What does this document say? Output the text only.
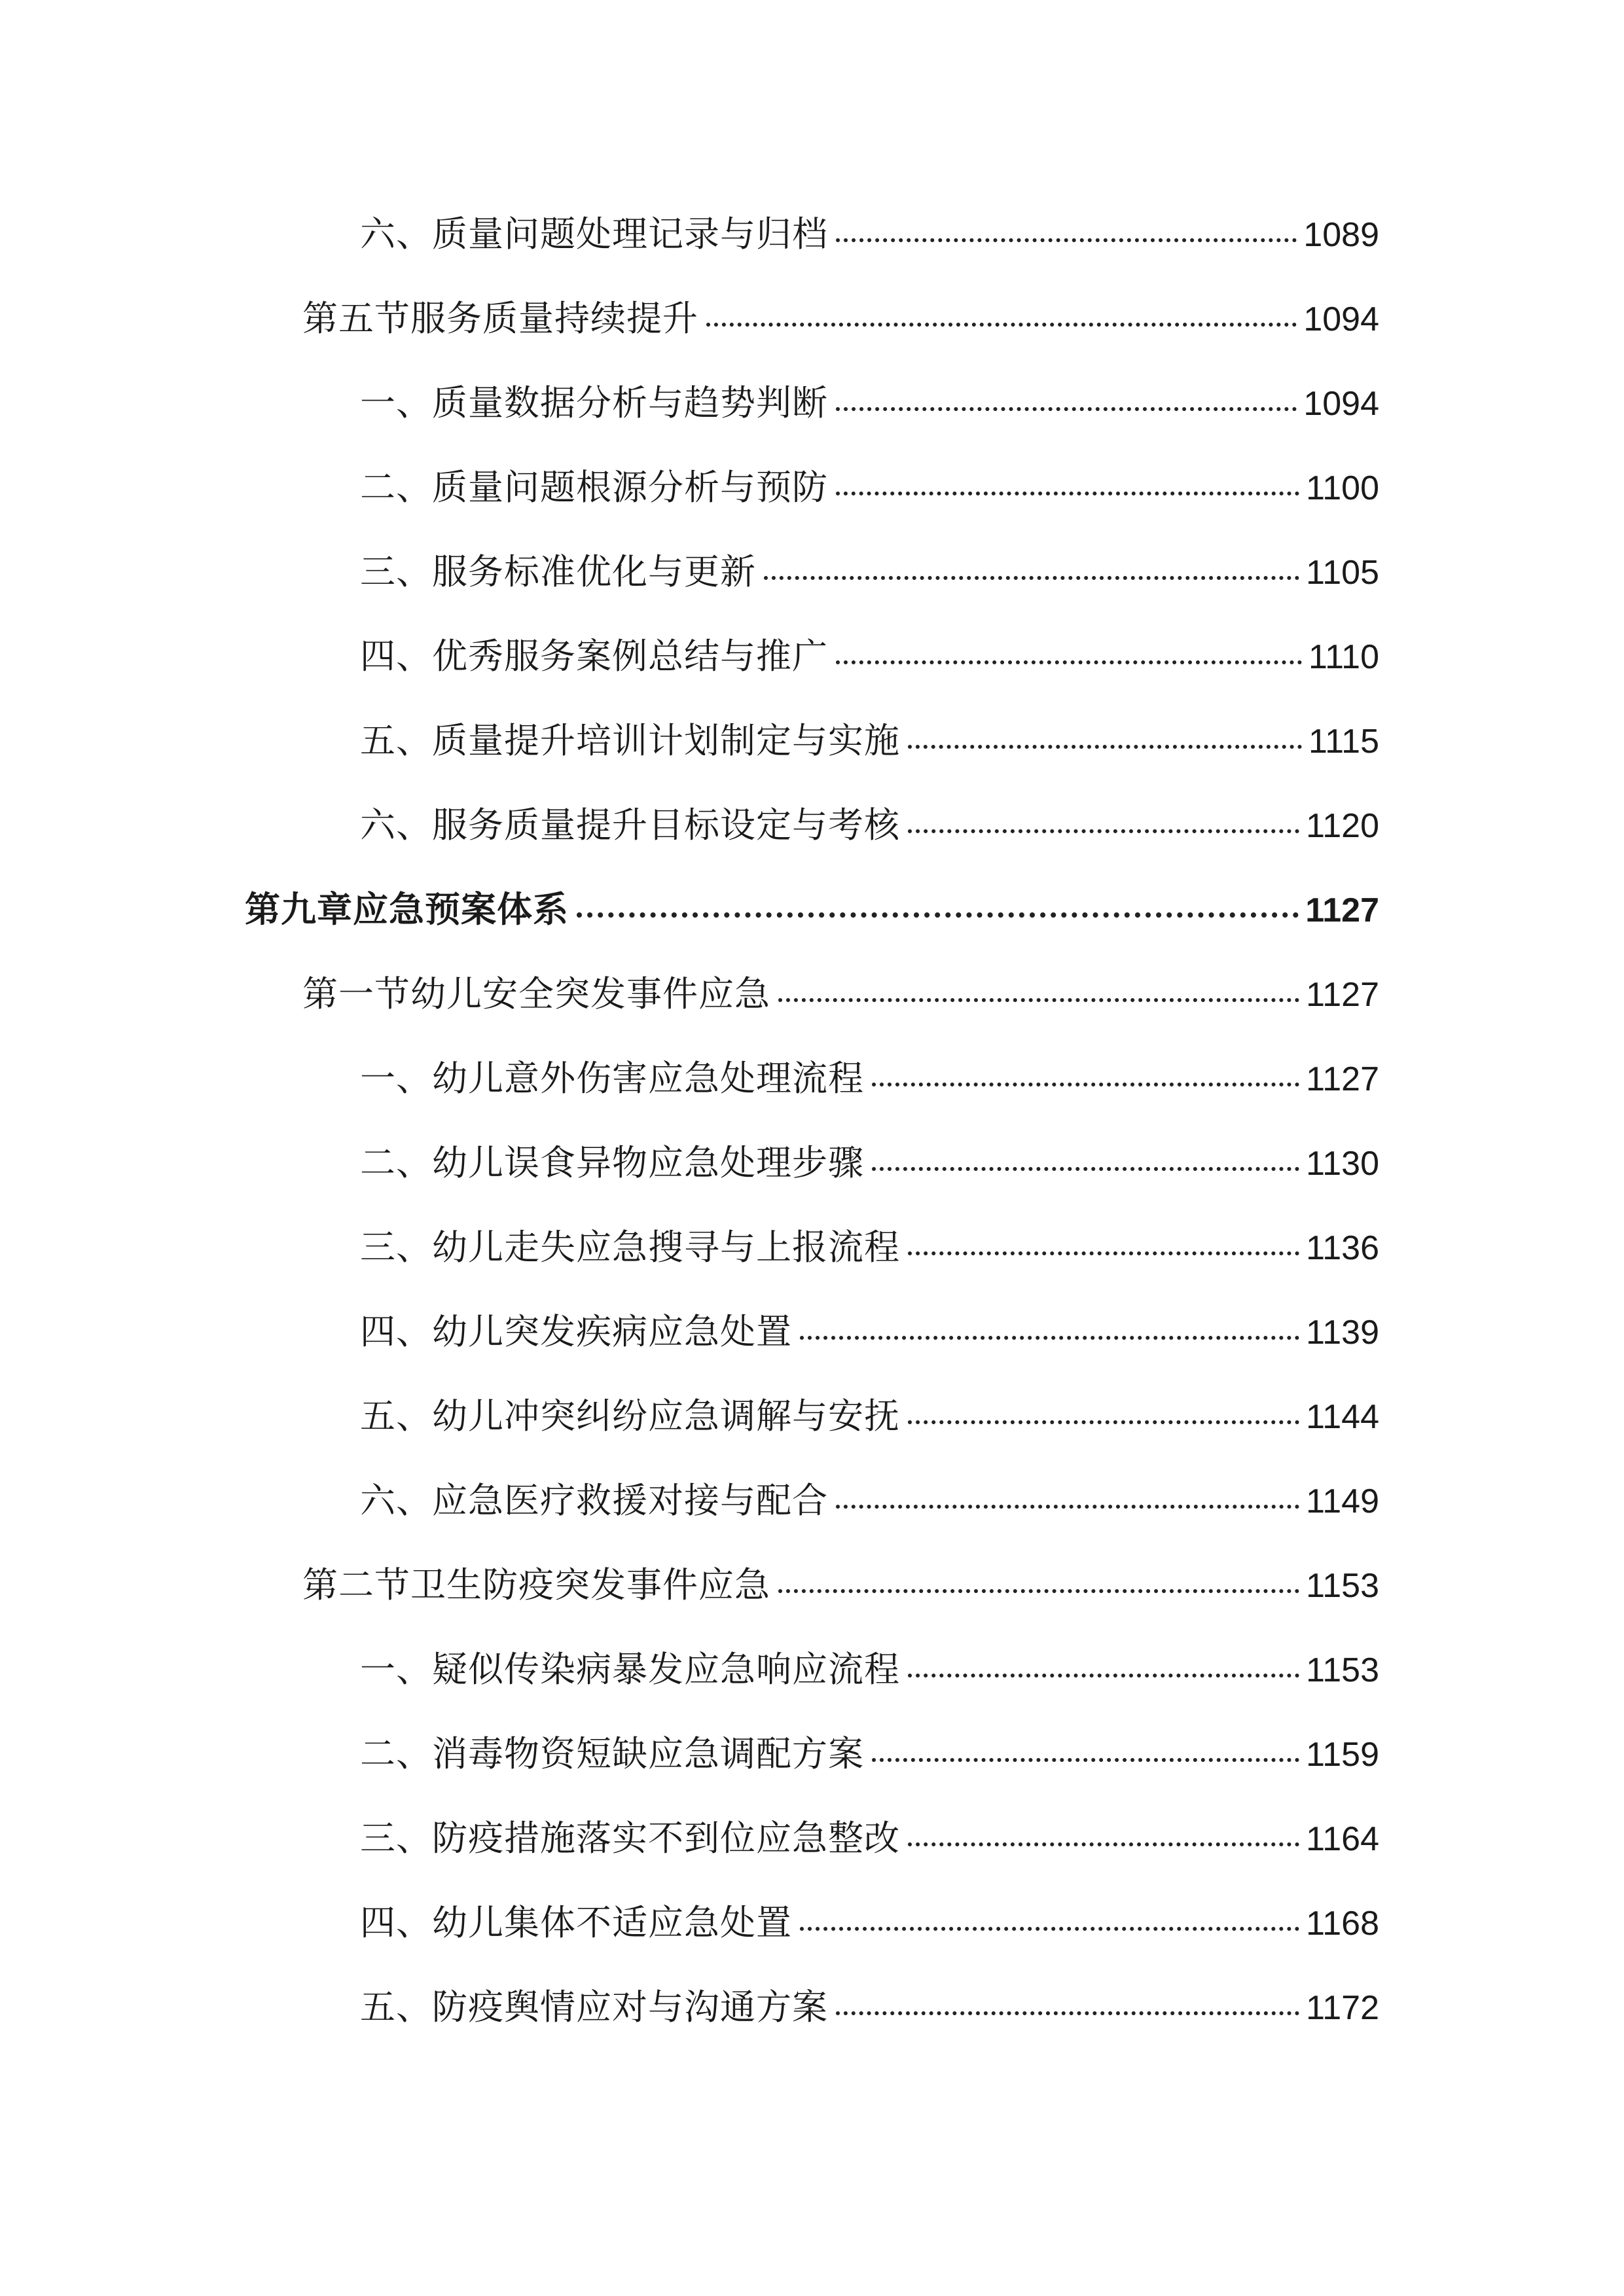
六、质量问题处理记录与归档	1089
第五节服务质量持续提升	1094
一、质量数据分析与趋势判断	1094
二、质量问题根源分析与预防	1100
三、服务标准优化与更新	1105
四、优秀服务案例总结与推广	1110
五、质量提升培训计划制定与实施	1115
六、服务质量提升目标设定与考核	1120
第九章应急预案体系	1127
第一节幼儿安全突发事件应急	1127
一、幼儿意外伤害应急处理流程	1127
二、幼儿误食异物应急处理步骤	1130
三、幼儿走失应急搜寻与上报流程	1136
四、幼儿突发疾病应急处置	1139
五、幼儿冲突纠纷应急调解与安抚	1144
六、应急医疗救援对接与配合	1149
第二节卫生防疫突发事件应急	1153
一、疑似传染病暴发应急响应流程	1153
二、消毒物资短缺应急调配方案	1159
三、防疫措施落实不到位应急整改	1164
四、幼儿集体不适应急处置	1168
五、防疫舆情应对与沟通方案	1172
